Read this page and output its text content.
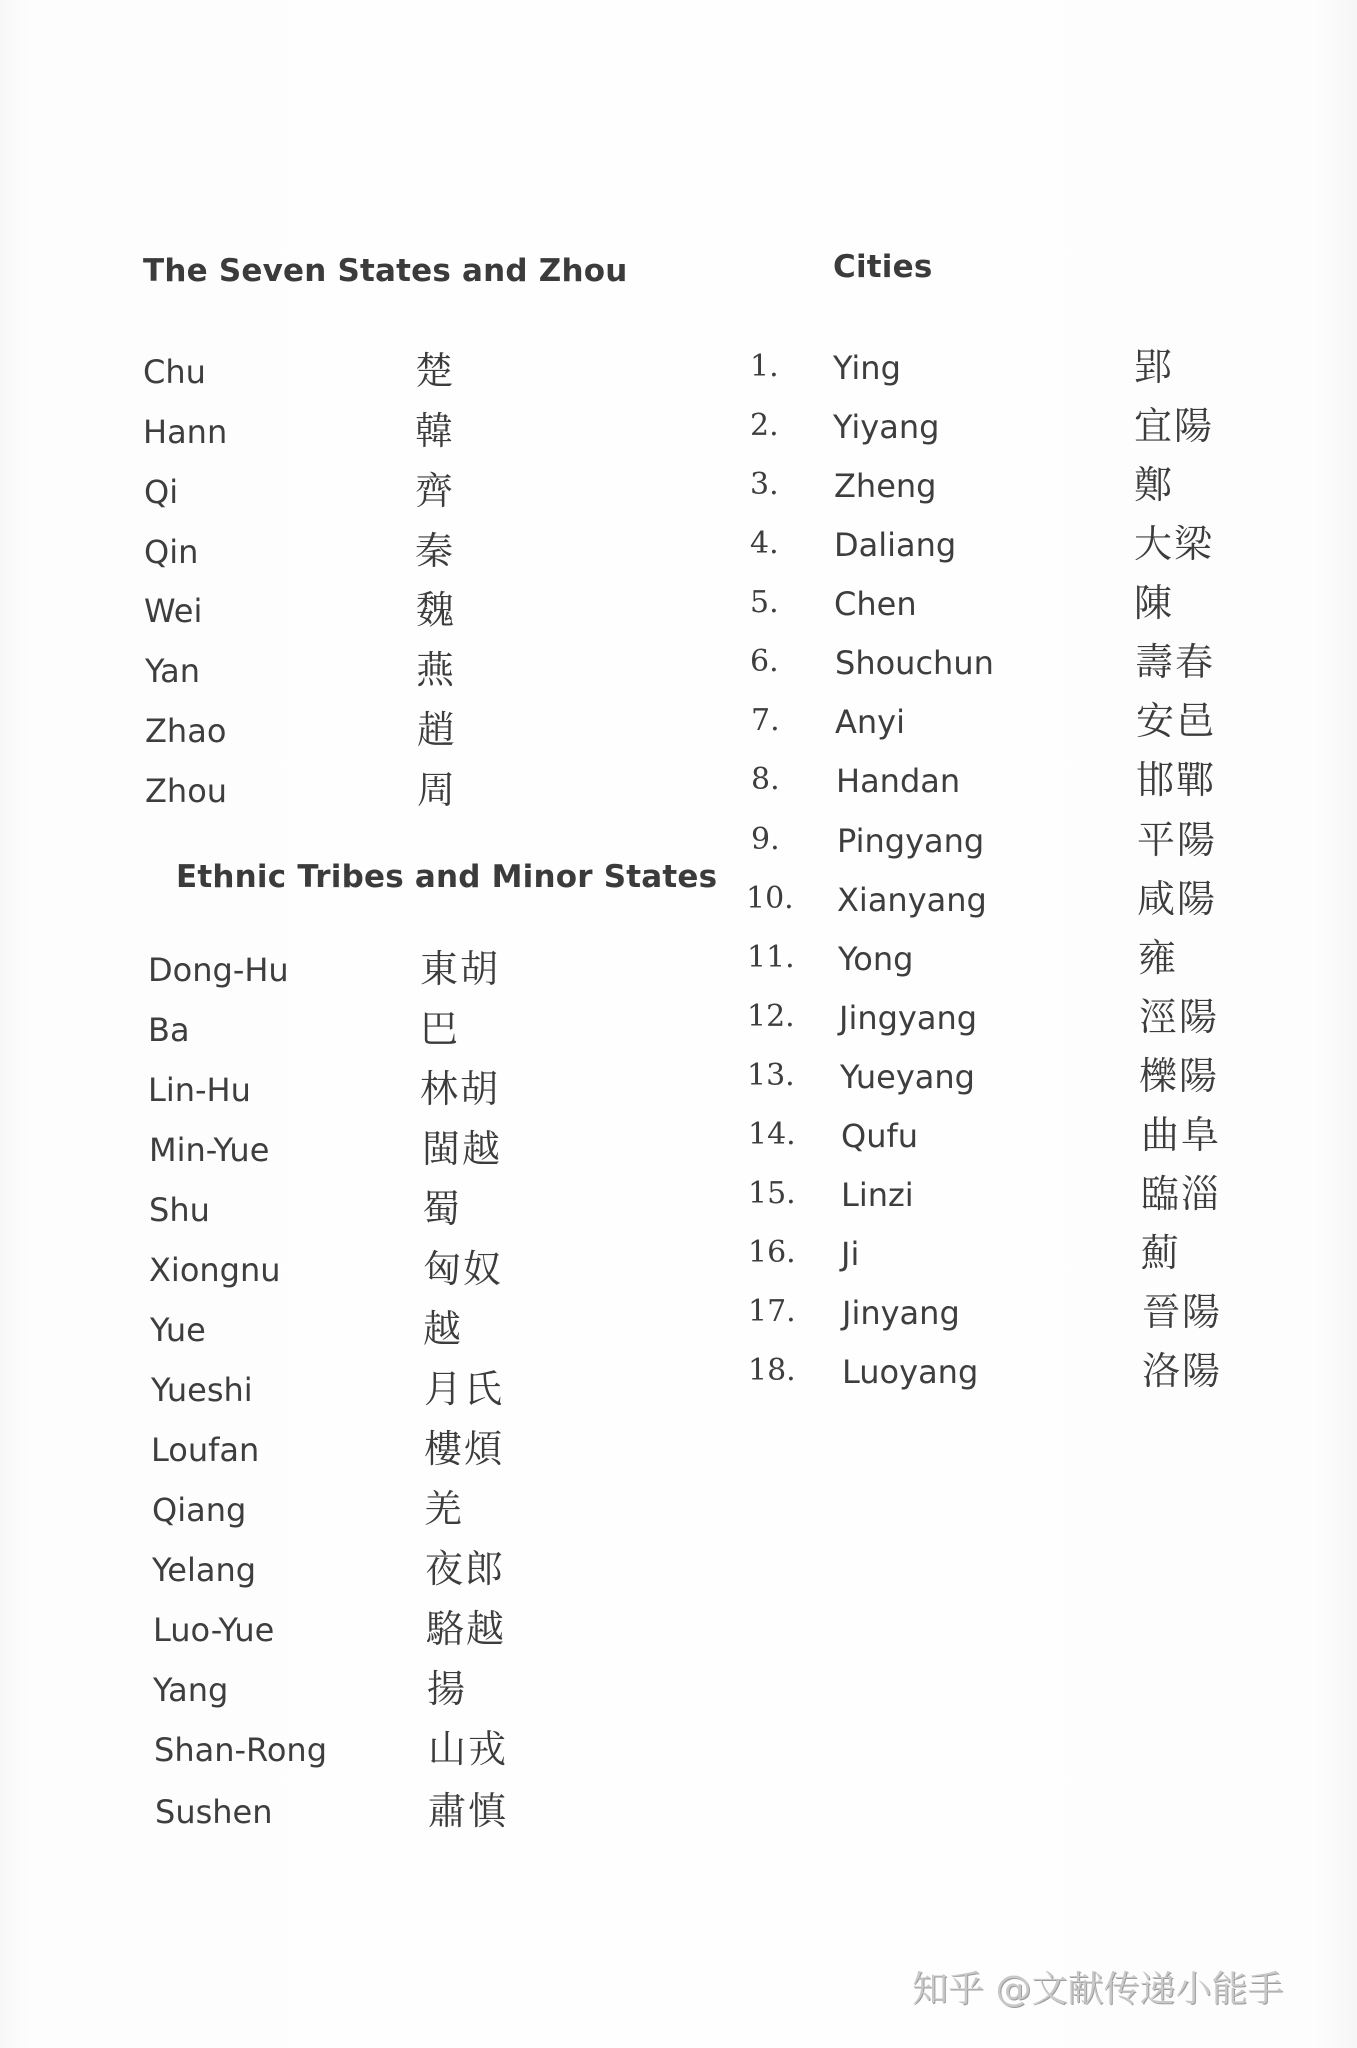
The Seven States and Zhou
Chu	楚
Hann	韓
Qi	齊
Qin	秦
Wei	魏
Yan	燕
Zhao	趙
Zhou	周
Ethnic Tribes and Minor States
Dong-Hu	東胡
Ba	巴
Lin-Hu	林胡
Min-Yue	閩越
Shu	蜀
Xiongnu	匈奴
Yue	越
Yueshi	月氏
Loufan	樓煩
Qiang	羌
Yelang	夜郎
Luo-Yue	駱越
Yang	揚
Shan-Rong	山戎
Sushen	肅慎
Cities
1. Ying	郢
2. Yiyang	宜陽
3. Zheng	鄭
4. Daliang	大梁
5. Chen	陳
6. Shouchun	壽春
7. Anyi	安邑
8. Handan	邯鄲
9. Pingyang	平陽
10. Xianyang	咸陽
11. Yong	雍
12. Jingyang	涇陽
13. Yueyang	櫟陽
14. Qufu	曲阜
15. Linzi	臨淄
16. Ji	薊
17. Jinyang	晉陽
18. Luoyang	洛陽
知乎 @文献传递小能手
